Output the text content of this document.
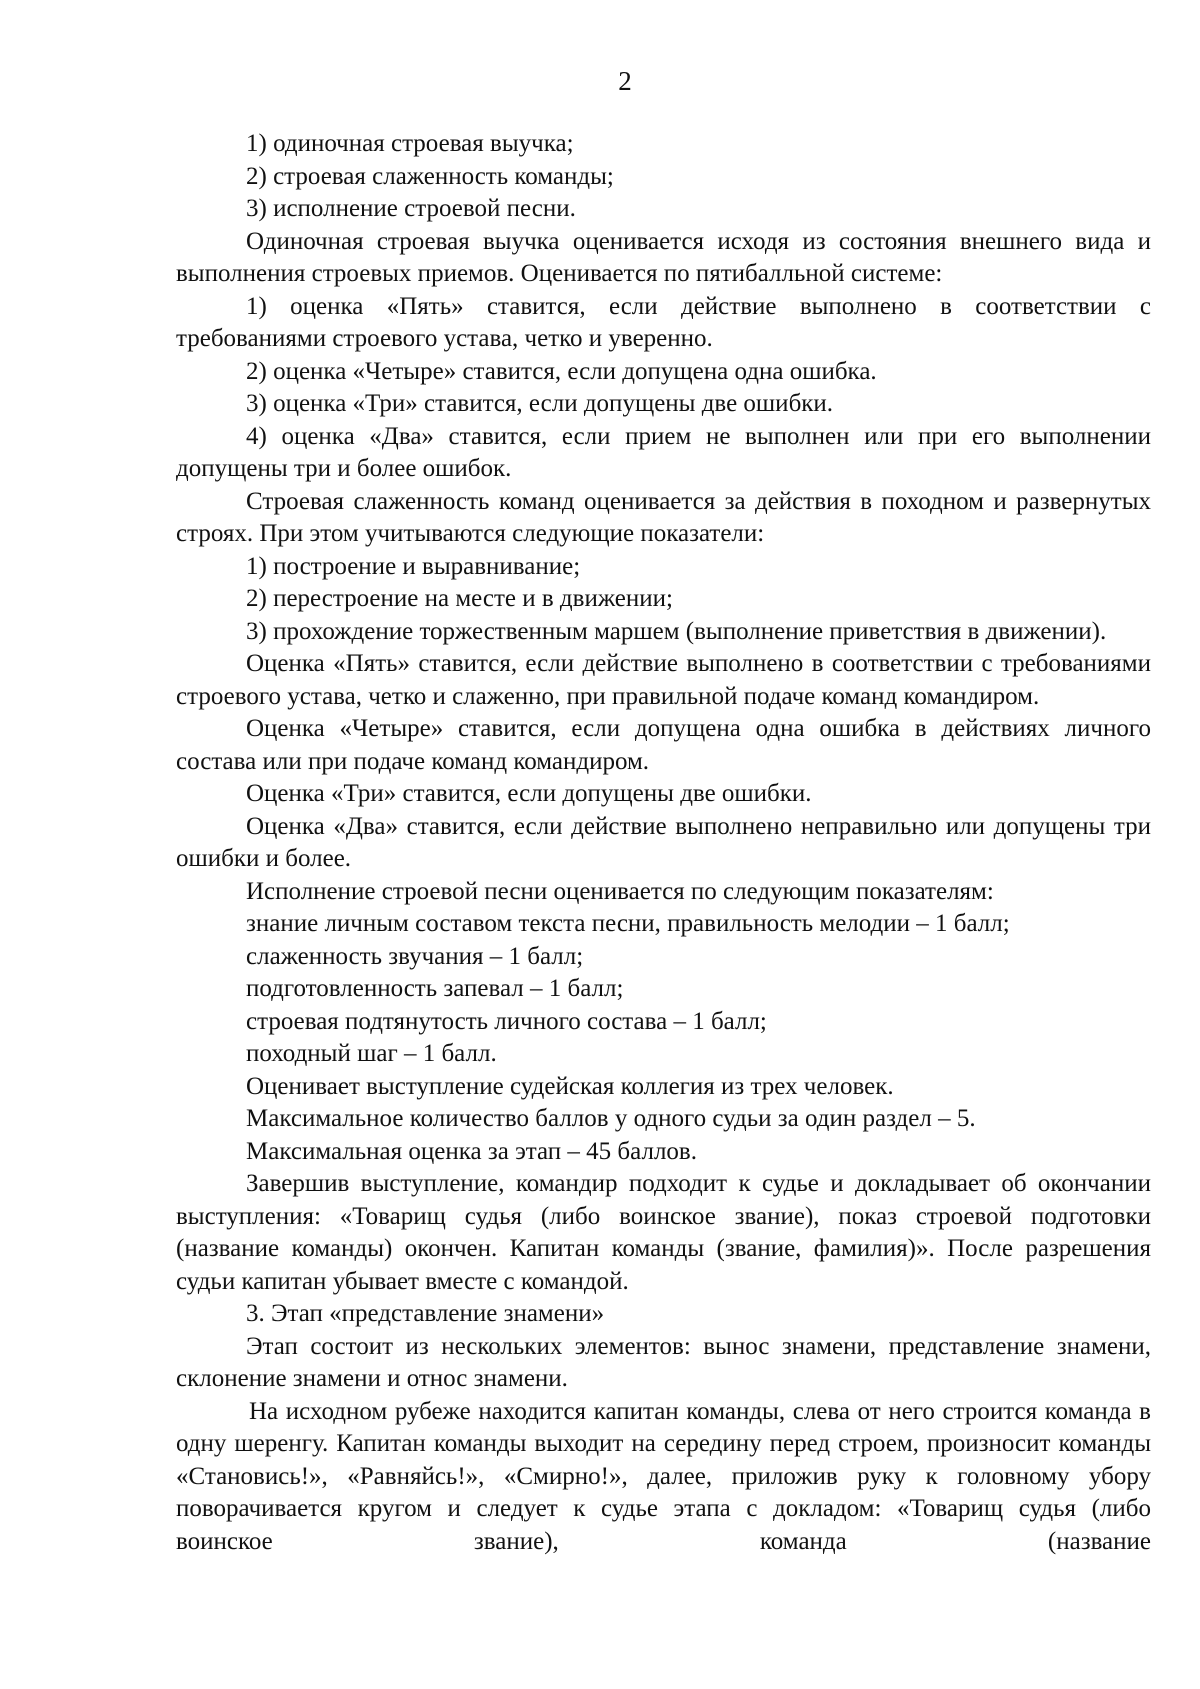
2

1) одиночная строевая выучка;

2) строевая слаженность команды;

3) исполнение строевой песни.

Одиночная строевая выучка оценивается исходя из состояния внешнего вида и выполнения строевых приемов. Оценивается по пятибалльной системе:

1) оценка «Пять» ставится, если действие выполнено в соответствии с требованиями строевого устава, четко и уверенно.

2) оценка «Четыре» ставится, если допущена одна ошибка.

3) оценка «Три» ставится, если допущены две ошибки.

4) оценка «Два» ставится, если прием не выполнен или при его выполнении допущены три и более ошибок.

Строевая слаженность команд оценивается за действия в походном и развернутых строях. При этом учитываются следующие показатели:

1) построение и выравнивание;

2) перестроение на месте и в движении;

3) прохождение торжественным маршем (выполнение приветствия в движении).

Оценка «Пять» ставится, если действие выполнено в соответствии с требованиями строевого устава, четко и слаженно, при правильной подаче команд командиром.

Оценка «Четыре» ставится, если допущена одна ошибка в действиях личного состава или при подаче команд командиром.

Оценка «Три» ставится, если допущены две ошибки.

Оценка «Два» ставится, если действие выполнено неправильно или допущены три ошибки и более.

Исполнение строевой песни оценивается по следующим показателям:

знание личным составом текста песни, правильность мелодии – 1 балл;

слаженность звучания – 1 балл;

подготовленность запевал – 1 балл;

строевая подтянутость личного состава – 1 балл;

походный шаг – 1 балл.

Оценивает выступление судейская коллегия из трех человек.

Максимальное количество баллов у одного судьи за один раздел – 5.

Максимальная оценка за этап – 45 баллов.

Завершив выступление, командир подходит к судье и докладывает об окончании выступления: «Товарищ судья (либо воинское звание), показ строевой подготовки (название команды) окончен. Капитан команды (звание, фамилия)». После разрешения судьи капитан убывает вместе с командой.

3. Этап «представление знамени»

Этап состоит из нескольких элементов: вынос знамени, представление знамени, склонение знамени и относ знамени.

На исходном рубеже находится капитан команды, слева от него строится команда в одну шеренгу. Капитан команды выходит на середину перед строем, произносит команды «Становись!», «Равняйсь!», «Смирно!», далее, приложив руку к головному убору поворачивается кругом и следует к судье этапа с докладом: «Товарищ судья (либо воинское звание), команда (название
